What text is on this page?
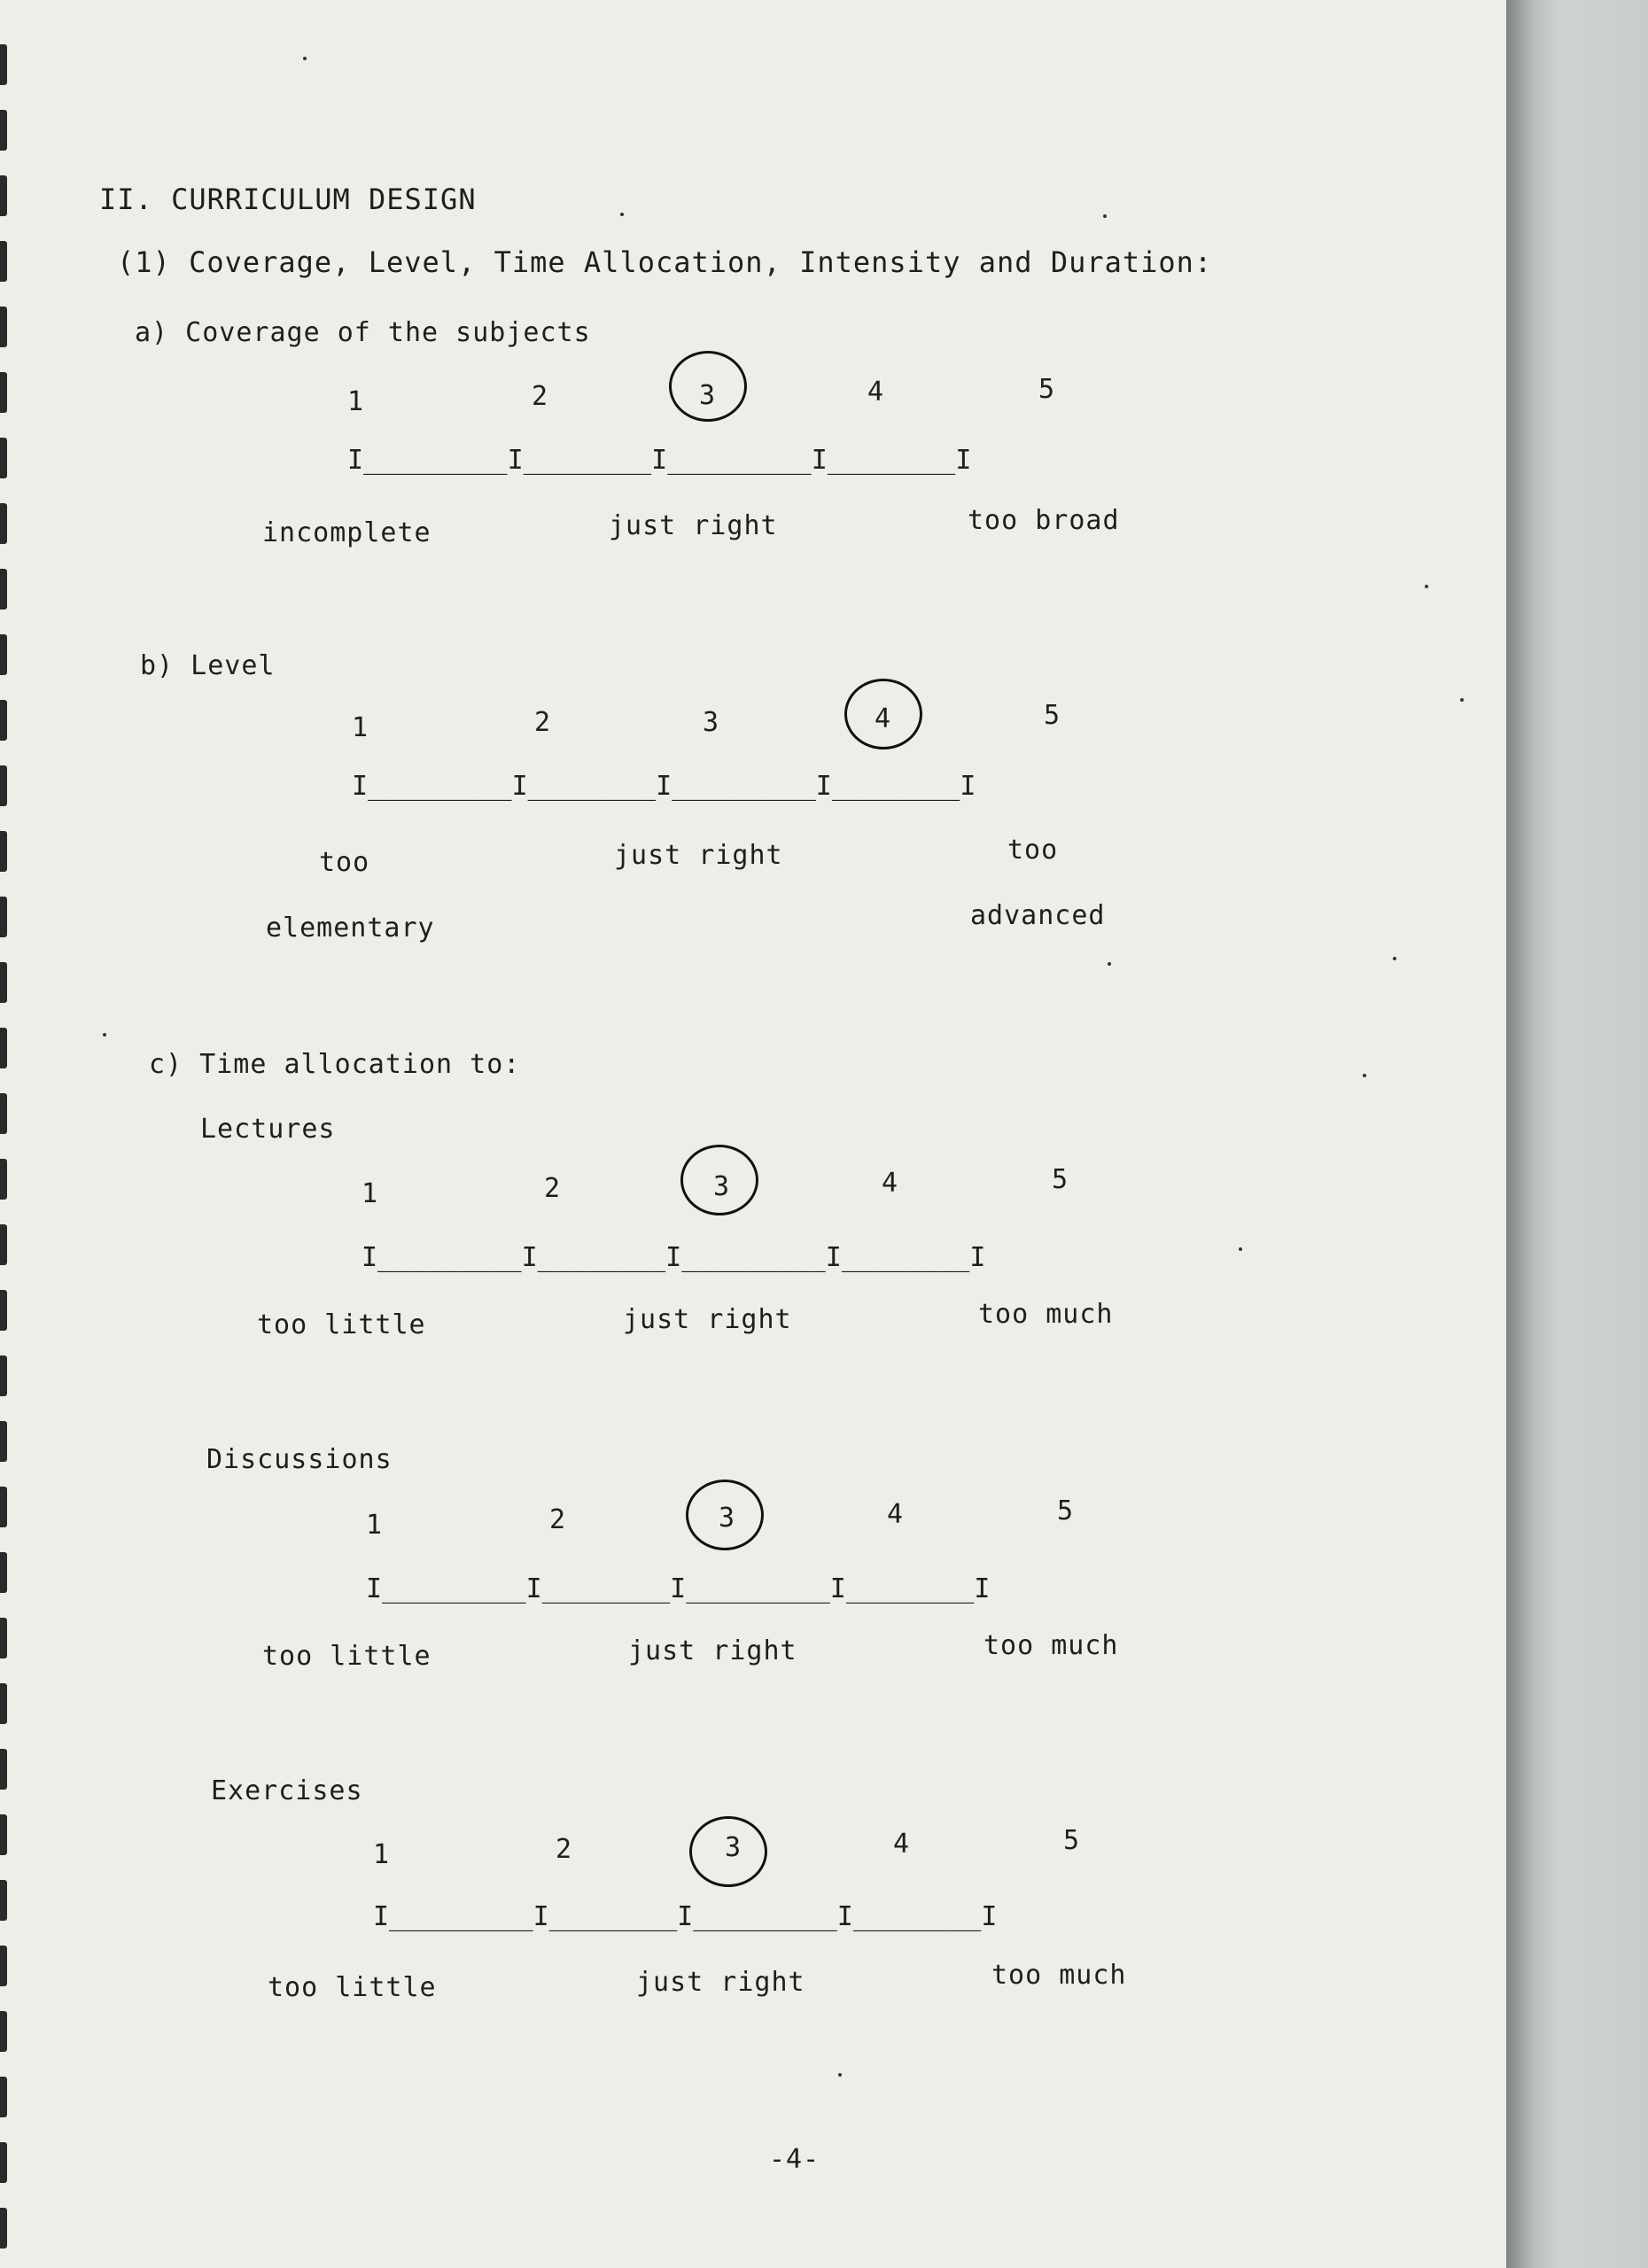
II. CURRICULUM DESIGN
(1) Coverage, Level, Time Allocation, Intensity and Duration:
a) Coverage of the subjects
1	2	3	4	5
I_________I________I_________I________I
incomplete	just right	too broad
b) Level
1	2	3	4	5
I_________I________I_________I________I
too
elementary
just right	too
advanced
c) Time allocation to:
Lectures
1	2	3	4	5
I_________I________I_________I________I
too little	just right	too much
Discussions
1	2	3	4	5
I_________I________I_________I________I
too little	just right	too much
Exercises
1	2	3	4	5
I_________I________I_________I________I
too little	just right	too much
-4-
